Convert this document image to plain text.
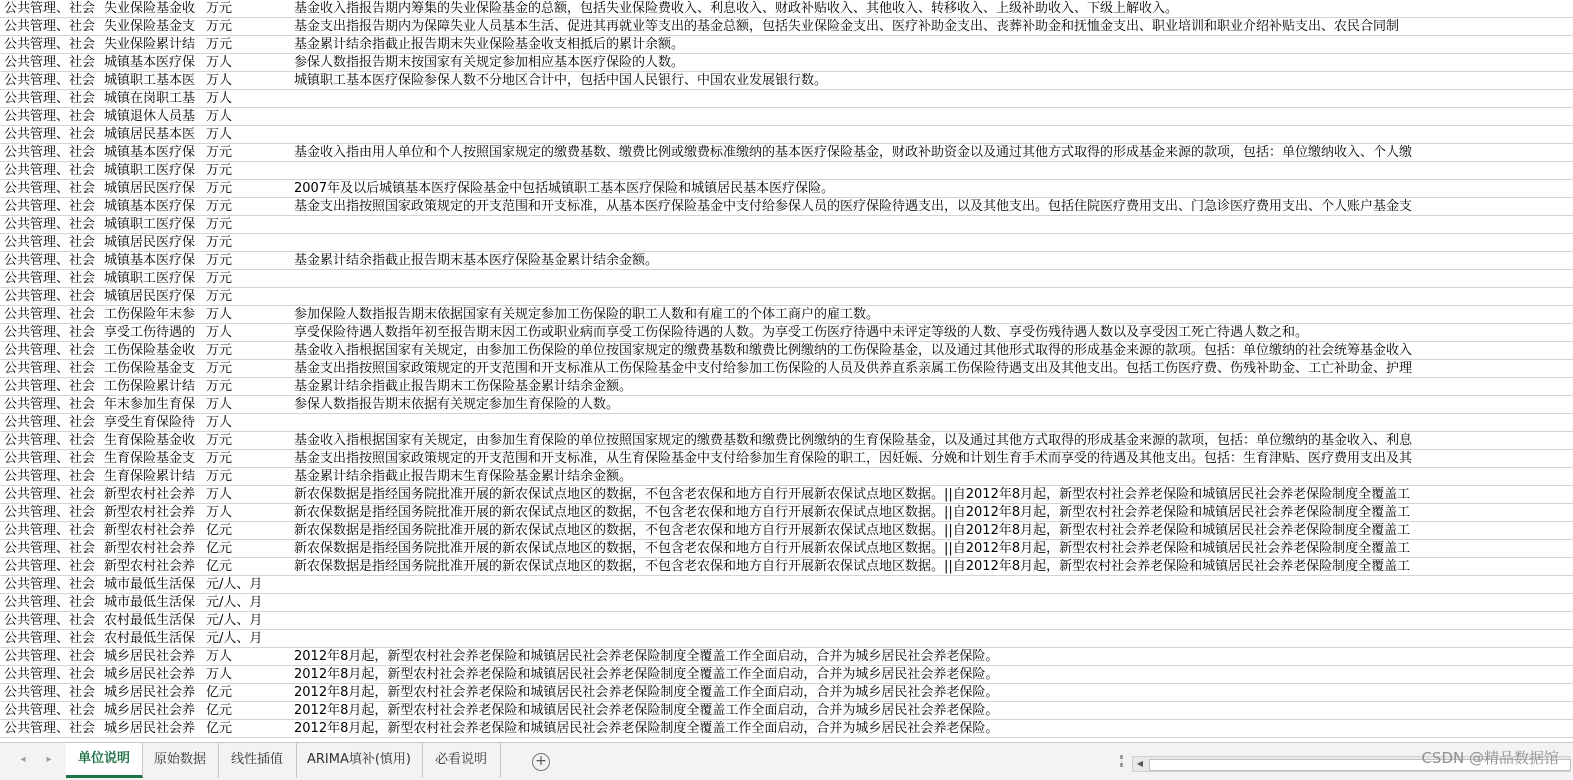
公共管理、社会 失业保险基金收 万元	基金收入指报告期内筹集的失业保险基金的总额，包括失业保险费收入、利息收入、财政补贴收入、其他收入、转移收入、上级补助收入、下级上解收入。
公共管理、社会 失业保险基金支 万元	基金支出指报告期内为保障失业人员基本生活、促进其再就业等支出的基金总额，包括失业保险金支出、医疗补助金支出、丧葬补助金和抚恤金支出、职业培训和职业介绍补贴支出、农民合同制
公共管理、社会 失业保险累计结 万元	基金累计结余指截止报告期末失业保险基金收支相抵后的累计余额。
公共管理、社会 城镇基本医疗保 万人	参保人数指报告期末按国家有关规定参加相应基本医疗保险的人数。
公共管理、社会 城镇职工基本医 万人	城镇职工基本医疗保险参保人数不分地区合计中，包括中国人民银行、中国农业发展银行数。
公共管理、社会 城镇在岗职工基 万人
公共管理、社会 城镇退休人员基 万人
公共管理、社会 城镇居民基本医 万人
公共管理、社会 城镇基本医疗保 万元	基金收入指由用人单位和个人按照国家规定的缴费基数、缴费比例或缴费标准缴纳的基本医疗保险基金，财政补助资金以及通过其他方式取得的形成基金来源的款项，包括：单位缴纳收入、个人缴
公共管理、社会 城镇职工医疗保 万元
公共管理、社会 城镇居民医疗保 万元	2007年及以后城镇基本医疗保险基金中包括城镇职工基本医疗保险和城镇居民基本医疗保险。
公共管理、社会 城镇基本医疗保 万元	基金支出指按照国家政策规定的开支范围和开支标准，从基本医疗保险基金中支付给参保人员的医疗保险待遇支出，以及其他支出。包括住院医疗费用支出、门急诊医疗费用支出、个人账户基金支
公共管理、社会 城镇职工医疗保 万元
公共管理、社会 城镇居民医疗保 万元
公共管理、社会 城镇基本医疗保 万元	基金累计结余指截止报告期末基本医疗保险基金累计结余金额。
公共管理、社会 城镇职工医疗保 万元
公共管理、社会 城镇居民医疗保 万元
公共管理、社会 工伤保险年末参 万人	参加保险人数指报告期末依据国家有关规定参加工伤保险的职工人数和有雇工的个体工商户的雇工数。
公共管理、社会 享受工伤待遇的 万人	享受保险待遇人数指年初至报告期末因工伤或职业病而享受工伤保险待遇的人数。为享受工伤医疗待遇中未评定等级的人数、享受伤残待遇人数以及享受因工死亡待遇人数之和。
公共管理、社会 工伤保险基金收 万元	基金收入指根据国家有关规定，由参加工伤保险的单位按国家规定的缴费基数和缴费比例缴纳的工伤保险基金，以及通过其他形式取得的形成基金来源的款项。包括：单位缴纳的社会统筹基金收入
公共管理、社会 工伤保险基金支 万元	基金支出指按照国家政策规定的开支范围和开支标准从工伤保险基金中支付给参加工伤保险的人员及供养直系亲属工伤保险待遇支出及其他支出。包括工伤医疗费、伤残补助金、工亡补助金、护理
公共管理、社会 工伤保险累计结 万元	基金累计结余指截止报告期末工伤保险基金累计结余金额。
公共管理、社会 年末参加生育保 万人	参保人数指报告期末依据有关规定参加生育保险的人数。
公共管理、社会 享受生育保险待 万人
公共管理、社会 生育保险基金收 万元	基金收入指根据国家有关规定，由参加生育保险的单位按照国家规定的缴费基数和缴费比例缴纳的生育保险基金，以及通过其他方式取得的形成基金来源的款项，包括：单位缴纳的基金收入、利息
公共管理、社会 生育保险基金支 万元	基金支出指按照国家政策规定的开支范围和开支标准，从生育保险基金中支付给参加生育保险的职工，因妊娠、分娩和计划生育手术而享受的待遇及其他支出。包括：生育津贴、医疗费用支出及其
公共管理、社会 生育保险累计结 万元	基金累计结余指截止报告期末生育保险基金累计结余金额。
公共管理、社会 新型农村社会养 万人	新农保数据是指经国务院批准开展的新农保试点地区的数据，不包含老农保和地方自行开展新农保试点地区数据。||自2012年8月起，新型农村社会养老保险和城镇居民社会养老保险制度全覆盖工
公共管理、社会 新型农村社会养 万人	新农保数据是指经国务院批准开展的新农保试点地区的数据，不包含老农保和地方自行开展新农保试点地区数据。||自2012年8月起，新型农村社会养老保险和城镇居民社会养老保险制度全覆盖工
公共管理、社会 新型农村社会养 亿元	新农保数据是指经国务院批准开展的新农保试点地区的数据，不包含老农保和地方自行开展新农保试点地区数据。||自2012年8月起，新型农村社会养老保险和城镇居民社会养老保险制度全覆盖工
公共管理、社会 新型农村社会养 亿元	新农保数据是指经国务院批准开展的新农保试点地区的数据，不包含老农保和地方自行开展新农保试点地区数据。||自2012年8月起，新型农村社会养老保险和城镇居民社会养老保险制度全覆盖工
公共管理、社会 新型农村社会养 亿元	新农保数据是指经国务院批准开展的新农保试点地区的数据，不包含老农保和地方自行开展新农保试点地区数据。||自2012年8月起，新型农村社会养老保险和城镇居民社会养老保险制度全覆盖工
公共管理、社会 城市最低生活保 元/人、月
公共管理、社会 城市最低生活保 元/人、月
公共管理、社会 农村最低生活保 元/人、月
公共管理、社会 农村最低生活保 元/人、月
公共管理、社会 城乡居民社会养 万人	2012年8月起，新型农村社会养老保险和城镇居民社会养老保险制度全覆盖工作全面启动，合并为城乡居民社会养老保险。
公共管理、社会 城乡居民社会养 万人	2012年8月起，新型农村社会养老保险和城镇居民社会养老保险制度全覆盖工作全面启动，合并为城乡居民社会养老保险。
公共管理、社会 城乡居民社会养 亿元	2012年8月起，新型农村社会养老保险和城镇居民社会养老保险制度全覆盖工作全面启动，合并为城乡居民社会养老保险。
公共管理、社会 城乡居民社会养 亿元	2012年8月起，新型农村社会养老保险和城镇居民社会养老保险制度全覆盖工作全面启动，合并为城乡居民社会养老保险。
公共管理、社会 城乡居民社会养 亿元	2012年8月起，新型农村社会养老保险和城镇居民社会养老保险制度全覆盖工作全面启动，合并为城乡居民社会养老保险。
◂	▸	单位说明	原始数据	线性插值	ARIMA填补(慎用)	必看说明	+	◀	CSDN @精品数据馆
